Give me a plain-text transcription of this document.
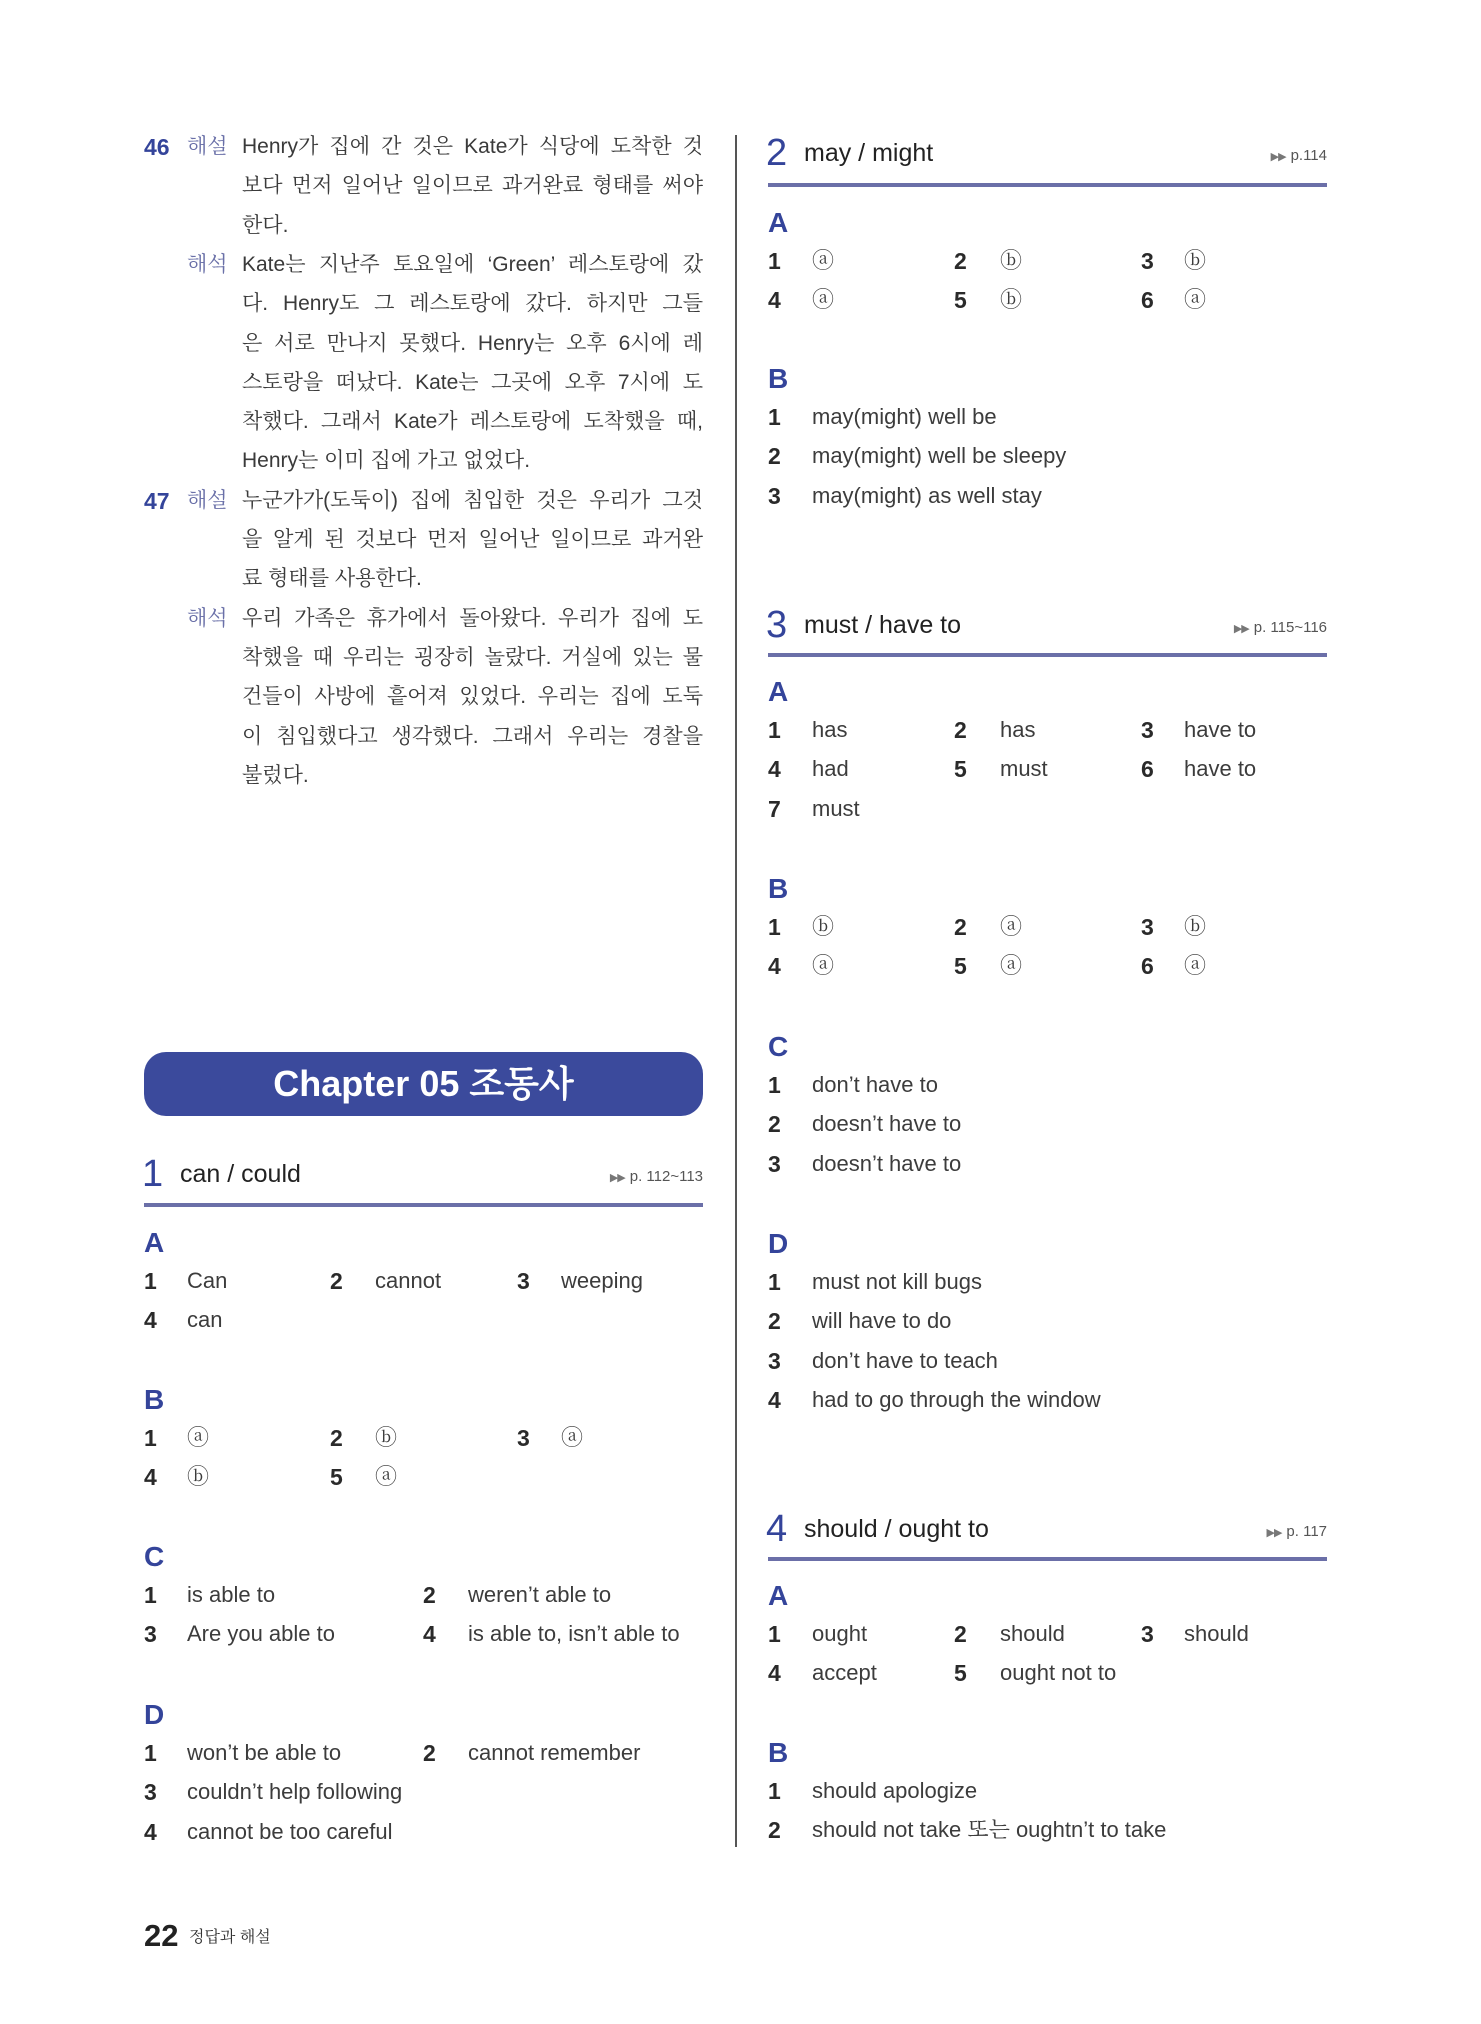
Chapter 05 조동사
22 정답과 해설
46 해설 Henry가 집에 간 것은 Kate가 식당에 도착한 것
보다 먼저 일어난 일이므로 과거완료 형태를 써야
한다.
해석 Kate는 지난주 토요일에 ‘Green’ 레스토랑에 갔
다. Henry도 그 레스토랑에 갔다. 하지만 그들
은 서로 만나지 못했다. Henry는 오후 6시에 레
스토랑을 떠났다. Kate는 그곳에 오후 7시에 도
착했다. 그래서 Kate가 레스토랑에 도착했을 때,
Henry는 이미 집에 가고 없었다.
47 해설 누군가가(도둑이) 집에 침입한 것은 우리가 그것
을 알게 된 것보다 먼저 일어난 일이므로 과거완
료 형태를 사용한다.
해석 우리 가족은 휴가에서 돌아왔다. 우리가 집에 도
착했을 때 우리는 굉장히 놀랐다. 거실에 있는 물
건들이 사방에 흩어져 있었다. 우리는 집에 도둑
이 침입했다고 생각했다. 그래서 우리는 경찰을
불렀다.
1 can / could	▶▶ p. 112~113
A
1 Can	2 cannot	3 weeping
4 can
B
1 ⓐ	2 ⓑ	3 ⓐ
4 ⓑ	5 ⓐ
C
1 is able to	2 weren’t able to
3 Are you able to	4 is able to, isn’t able to
D
1 won’t be able to	2 cannot remember
3 couldn’t help following
4 cannot be too careful
2 may / might	▶▶ p.114
A
1 ⓐ	2 ⓑ	3 ⓑ
4 ⓐ	5 ⓑ	6 ⓐ
B
1 may(might) well be
2 may(might) well be sleepy
3 may(might) as well stay
3 must / have to	▶▶ p. 115~116
A
1 has	2 has	3 have to
4 had	5 must	6 have to
7 must
B
1 ⓑ	2 ⓐ	3 ⓑ
4 ⓐ	5 ⓐ	6 ⓐ
C
1 don’t have to
2 doesn’t have to
3 doesn’t have to
D
1 must not kill bugs
2 will have to do
3 don’t have to teach
4 had to go through the window
4 should / ought to	▶▶ p. 117
A
1 ought	2 should	3 should
4 accept	5 ought not to
B
1 should apologize
2 should not take 또는 oughtn’t to take
